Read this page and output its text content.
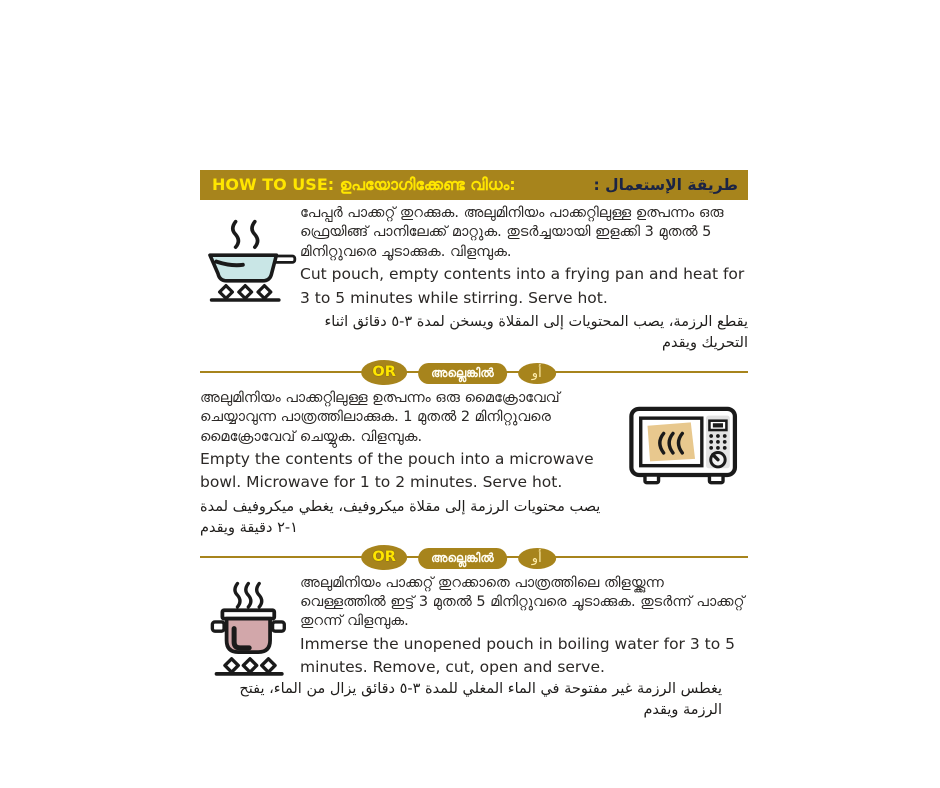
HOW TO USE: ഉപയോഗിക്കേണ്ട വിധം:	طريقة الإستعمال :

പേപ്പർ പാക്കറ്റ് തുറക്കുക. അലുമിനിയം പാക്കറ്റിലുള്ള ഉത്പന്നം ഒരു ഫ്രെയിങ്ങ് പാനിലേക്ക് മാറ്റുക. തുടർച്ചയായി ഇളക്കി 3 മുതൽ 5 മിനിറ്റുവരെ ചൂടാക്കുക. വിളമ്പുക.

Cut pouch, empty contents into a frying pan and heat for 3 to 5 minutes while stirring. Serve hot.

يقطع الرزمة، يصب المحتويات إلى المقلاة ويسخن لمدة ٣-٥ دقائق اثناء التحريك ويقدم

OR	അല്ലെങ്കിൽ	أو

അലുമിനിയം പാക്കറ്റിലുള്ള ഉത്പന്നം ഒരു മൈക്രോവേവ് ചെയ്യാവുന്ന പാത്രത്തിലാക്കുക. 1 മുതൽ 2 മിനിറ്റുവരെ മൈക്രോവേവ് ചെയ്യുക. വിളമ്പുക.

Empty the contents of the pouch into a microwave bowl. Microwave for 1 to 2 minutes. Serve hot.

يصب محتويات الرزمة إلى مقلاة ميكروفيف، يغطي ميكروفيف لمدة ١-٢ دقيقة ويقدم

OR	അല്ലെങ്കിൽ	أو

അലുമിനിയം പാക്കറ്റ് തുറക്കാതെ പാത്രത്തിലെ തിളയ്ക്കുന്ന വെള്ളത്തിൽ ഇട്ട് 3 മുതൽ 5 മിനിറ്റുവരെ ചൂടാക്കുക. തുടർന്ന് പാക്കറ്റ് തുറന്ന് വിളമ്പുക.

Immerse the unopened pouch in boiling water for 3 to 5 minutes. Remove, cut, open and serve.

يغطس الرزمة غير مفتوحة في الماء المغلي للمدة ٣-٥ دقائق يزال من الماء، يفتح الرزمة ويقدم
